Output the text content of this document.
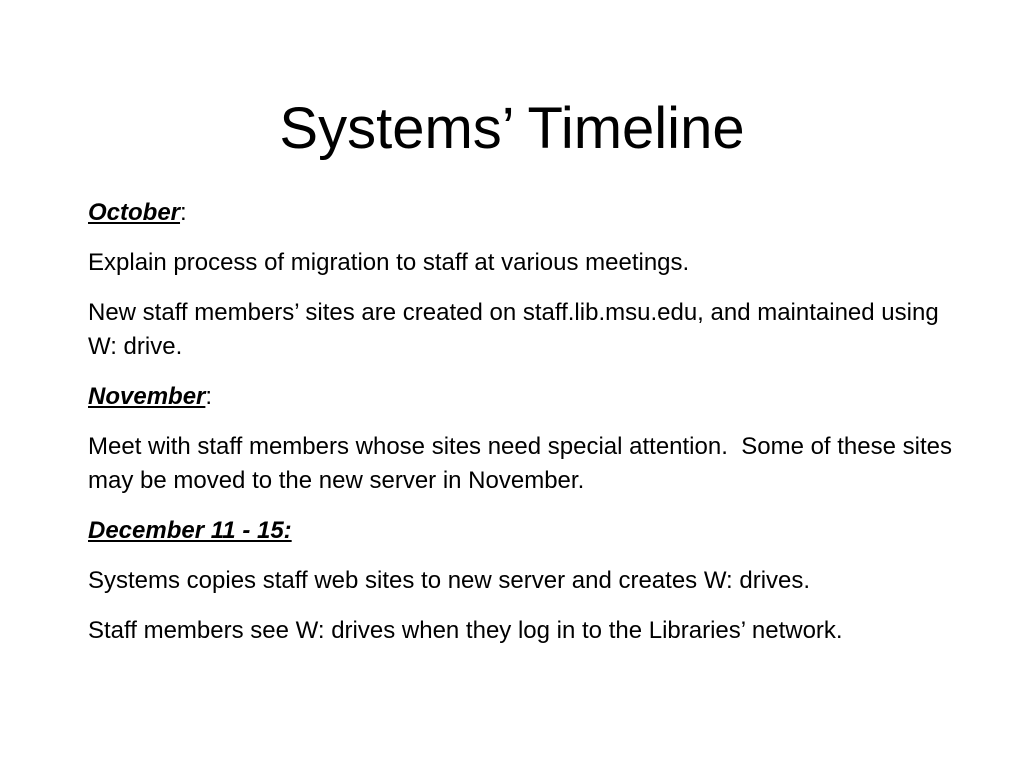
Systems’ Timeline

October:

Explain process of migration to staff at various meetings.

New staff members’ sites are created on staff.lib.msu.edu, and maintained using W: drive.

November:

Meet with staff members whose sites need special attention.  Some of these sites may be moved to the new server in November.

December 11 - 15:

Systems copies staff web sites to new server and creates W: drives.

Staff members see W: drives when they log in to the Libraries’ network.
